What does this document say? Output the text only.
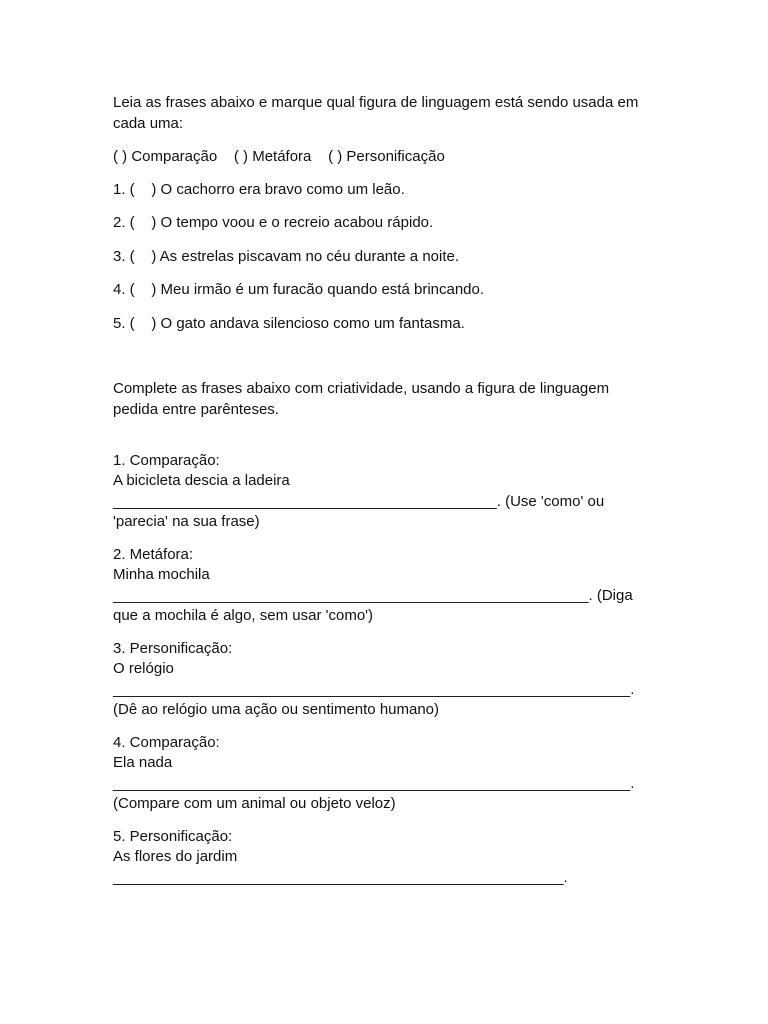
Leia as frases abaixo e marque qual figura de linguagem está sendo usada em cada uma:

( ) Comparação ( ) Metáfora ( ) Personificação

1. (    ) O cachorro era bravo como um leão.

2. (    ) O tempo voou e o recreio acabou rápido.

3. (    ) As estrelas piscavam no céu durante a noite.

4. (    ) Meu irmão é um furacão quando está brincando.

5. (    ) O gato andava silencioso como um fantasma.

Complete as frases abaixo com criatividade, usando a figura de linguagem pedida entre parênteses.

1. Comparação:

A bicicleta descia a ladeira

______________________________________________. (Use 'como' ou 'parecia' na sua frase)

2. Metáfora:

Minha mochila

_________________________________________________________. (Diga que a mochila é algo, sem usar 'como')

3. Personificação:

O relógio

______________________________________________________________.

(Dê ao relógio uma ação ou sentimento humano)

4. Comparação:

Ela nada

______________________________________________________________.

(Compare com um animal ou objeto veloz)

5. Personificação:

As flores do jardim

______________________________________________________.
